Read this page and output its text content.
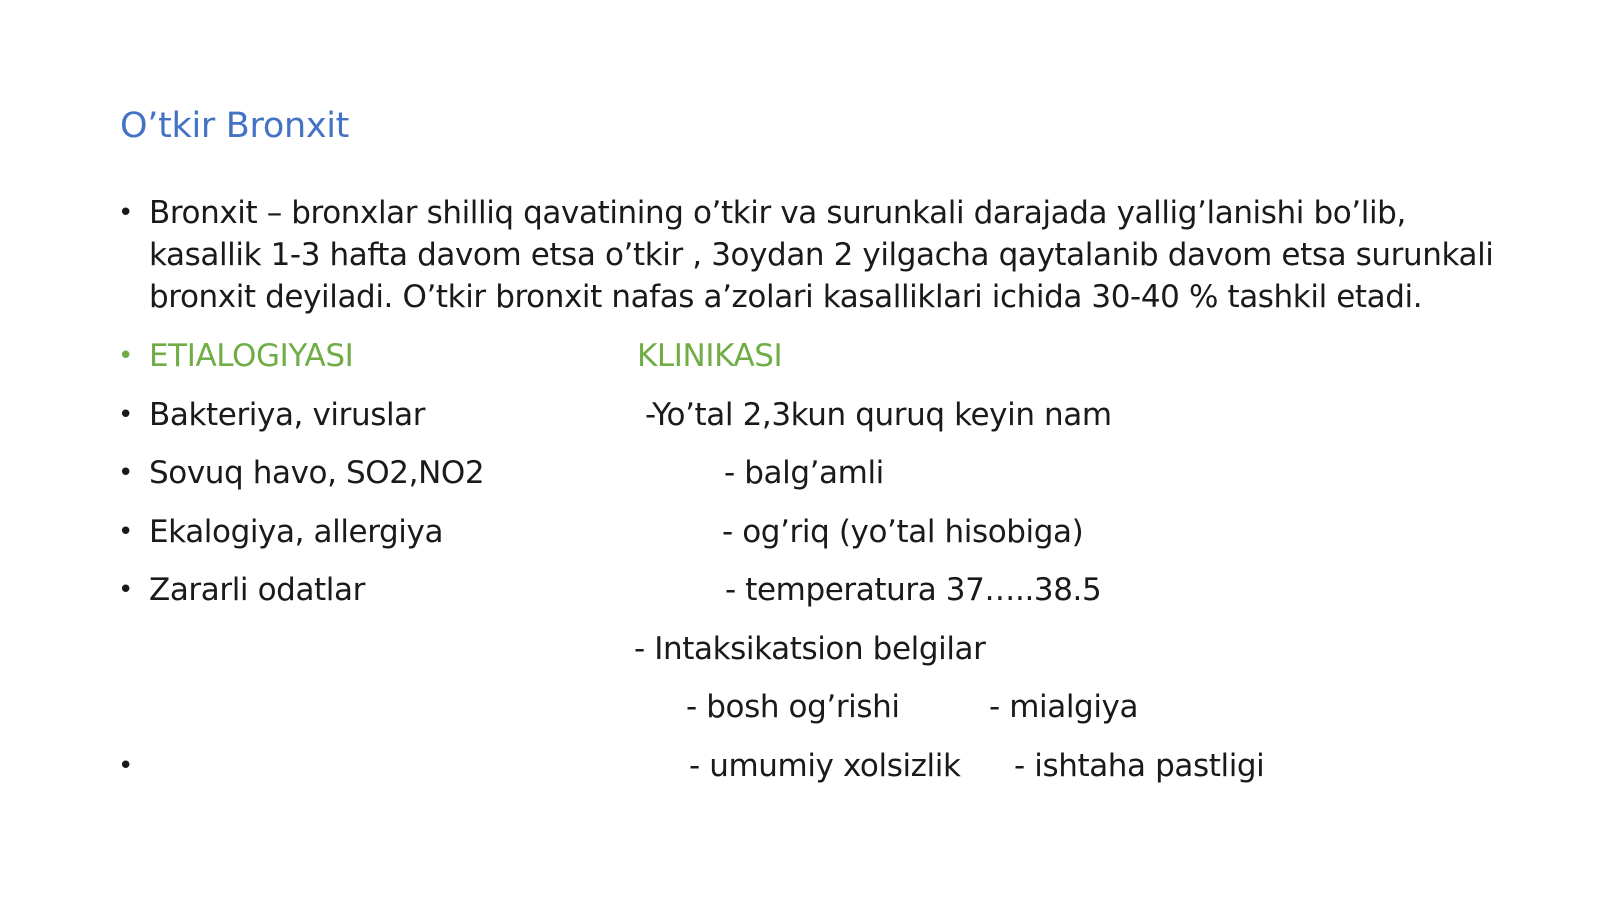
O’tkir Bronxit
• Bronxit – bronxlar shilliq qavatining o’tkir va surunkali darajada yallig’lanishi bo’lib,
kasallik 1-3 hafta davom etsa o’tkir , 3oydan 2 yilgacha qaytalanib davom etsa surunkali
bronxit deyiladi. O’tkir bronxit nafas a’zolari kasalliklari ichida 30-40 % tashkil etadi.
• ETIALOGIYASI	KLINIKASI
• Bakteriya, viruslar	-Yo’tal 2,3kun quruq keyin nam
• Sovuq havo, SO2,NO2	- balg’amli
• Ekalogiya, allergiya	- og’riq (yo’tal hisobiga)
• Zararli odatlar	- temperatura 37…..38.5
- Intaksikatsion belgilar
- bosh og’rishi	- mialgiya
•	- umumiy xolsizlik - ishtaha pastligi
